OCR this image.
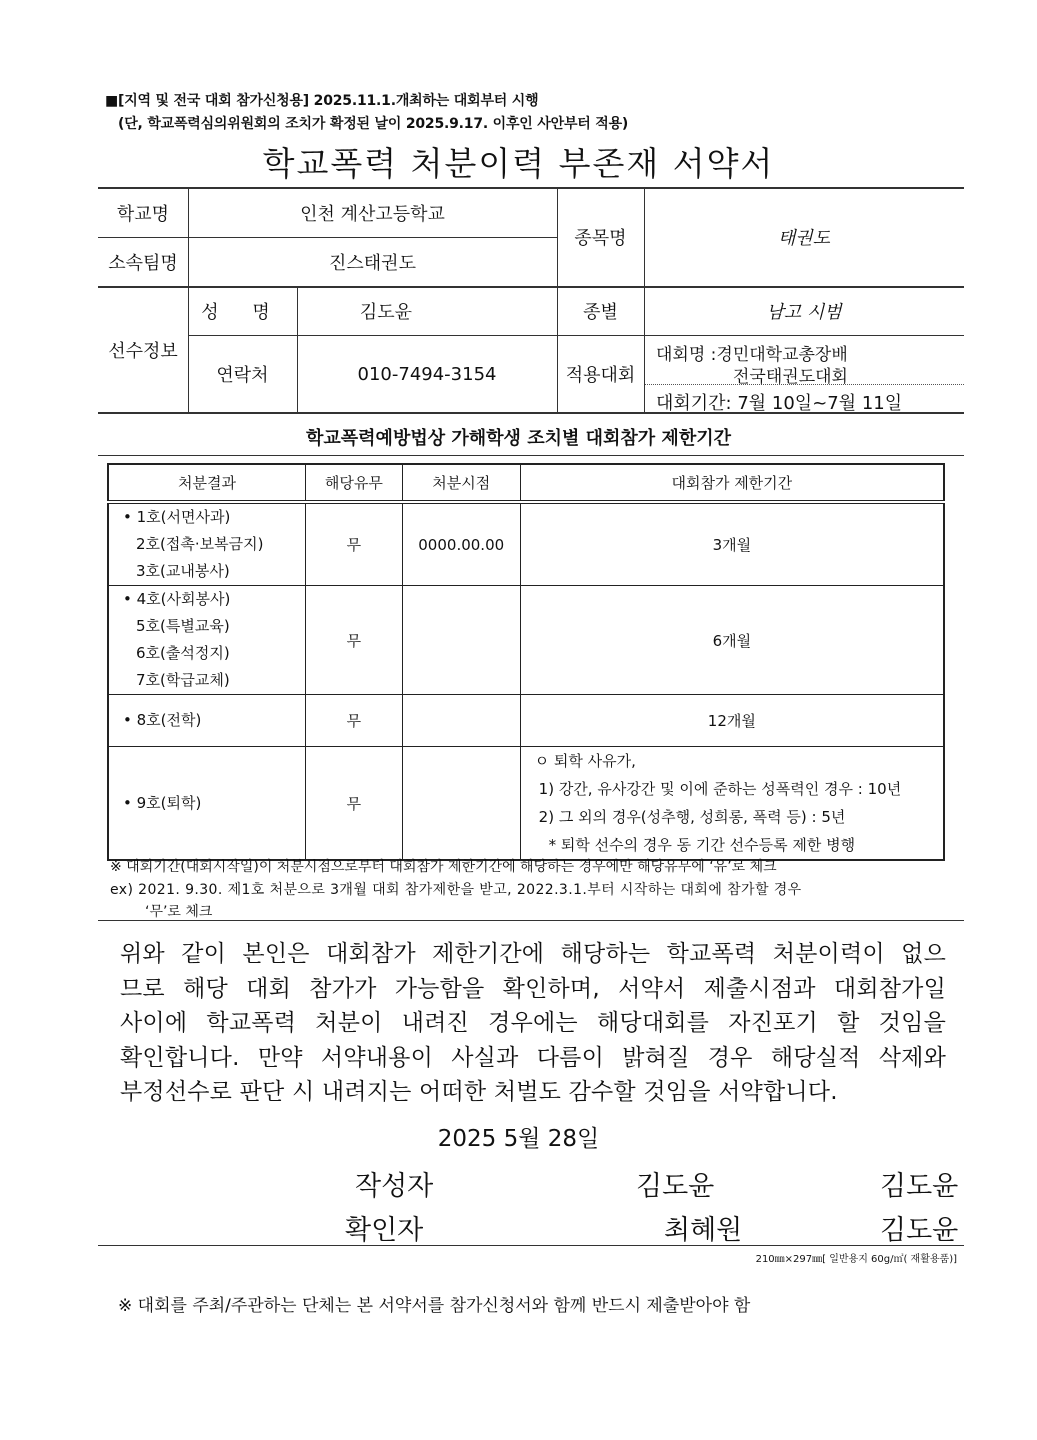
■[지역 및 전국 대회 참가신청용] 2025.11.1.개최하는 대회부터 시행
(단, 학교폭력심의위원회의 조치가 확정된 날이 2025.9.17. 이후인 사안부터 적용)
학교폭력 처분이력 부존재 서약서
학교명	인천 계산고등학교
소속팀명	진스태권도
종목명	태권도
선수정보
성 명	김도윤	종별	남고 시범
연락처	010-7494-3154	적용대회
대회명 :경민대학교총장배
전국태권도대회
대회기간: 7월 10일~7월 11일
학교폭력예방법상 가해학생 조치별 대회참가 제한기간
처분결과	해당유무	처분시점	대회참가 제한기간

• 1호(서면사과)
2호(접촉·보복금지)
3호(교내봉사)	무	0000.00.00	3개월

• 4호(사회봉사)
5호(특별교육)
6호(출석정지)
7호(학급교체)	무		6개월

• 8호(전학)	무		12개월

• 9호(퇴학)	무		ㅇ 퇴학 사유가,
1) 강간, 유사강간 및 이에 준하는 성폭력인 경우 : 10년
2) 그 외의 경우(성추행, 성희롱, 폭력 등) : 5년
* 퇴학 선수의 경우 동 기간 선수등록 제한 병행
※ 대회기간(대회시작일)이 처분시점으로부터 대회참가 제한기간에 해당하는 경우에만 해당유무에 ‘유’로 체크
ex) 2021. 9.30. 제1호 처분으로 3개월 대회 참가제한을 받고, 2022.3.1.부터 시작하는 대회에 참가할 경우
‘무’로 체크
위와 같이 본인은 대회참가 제한기간에 해당하는 학교폭력 처분이력이 없으
므로 해당 대회 참가가 가능함을 확인하며, 서약서 제출시점과 대회참가일
사이에 학교폭력 처분이 내려진 경우에는 해당대회를 자진포기 할 것임을
확인합니다. 만약 서약내용이 사실과 다름이 밝혀질 경우 해당실적 삭제와
부정선수로 판단 시 내려지는 어떠한 처벌도 감수할 것임을 서약합니다.
2025 5월 28일
작성자	김도윤	김도윤
확인자	최혜원	김도윤
210㎜×297㎜[ 일반용지 60g/㎡( 재활용품)]
※ 대회를 주최/주관하는 단체는 본 서약서를 참가신청서와 함께 반드시 제출받아야 함
